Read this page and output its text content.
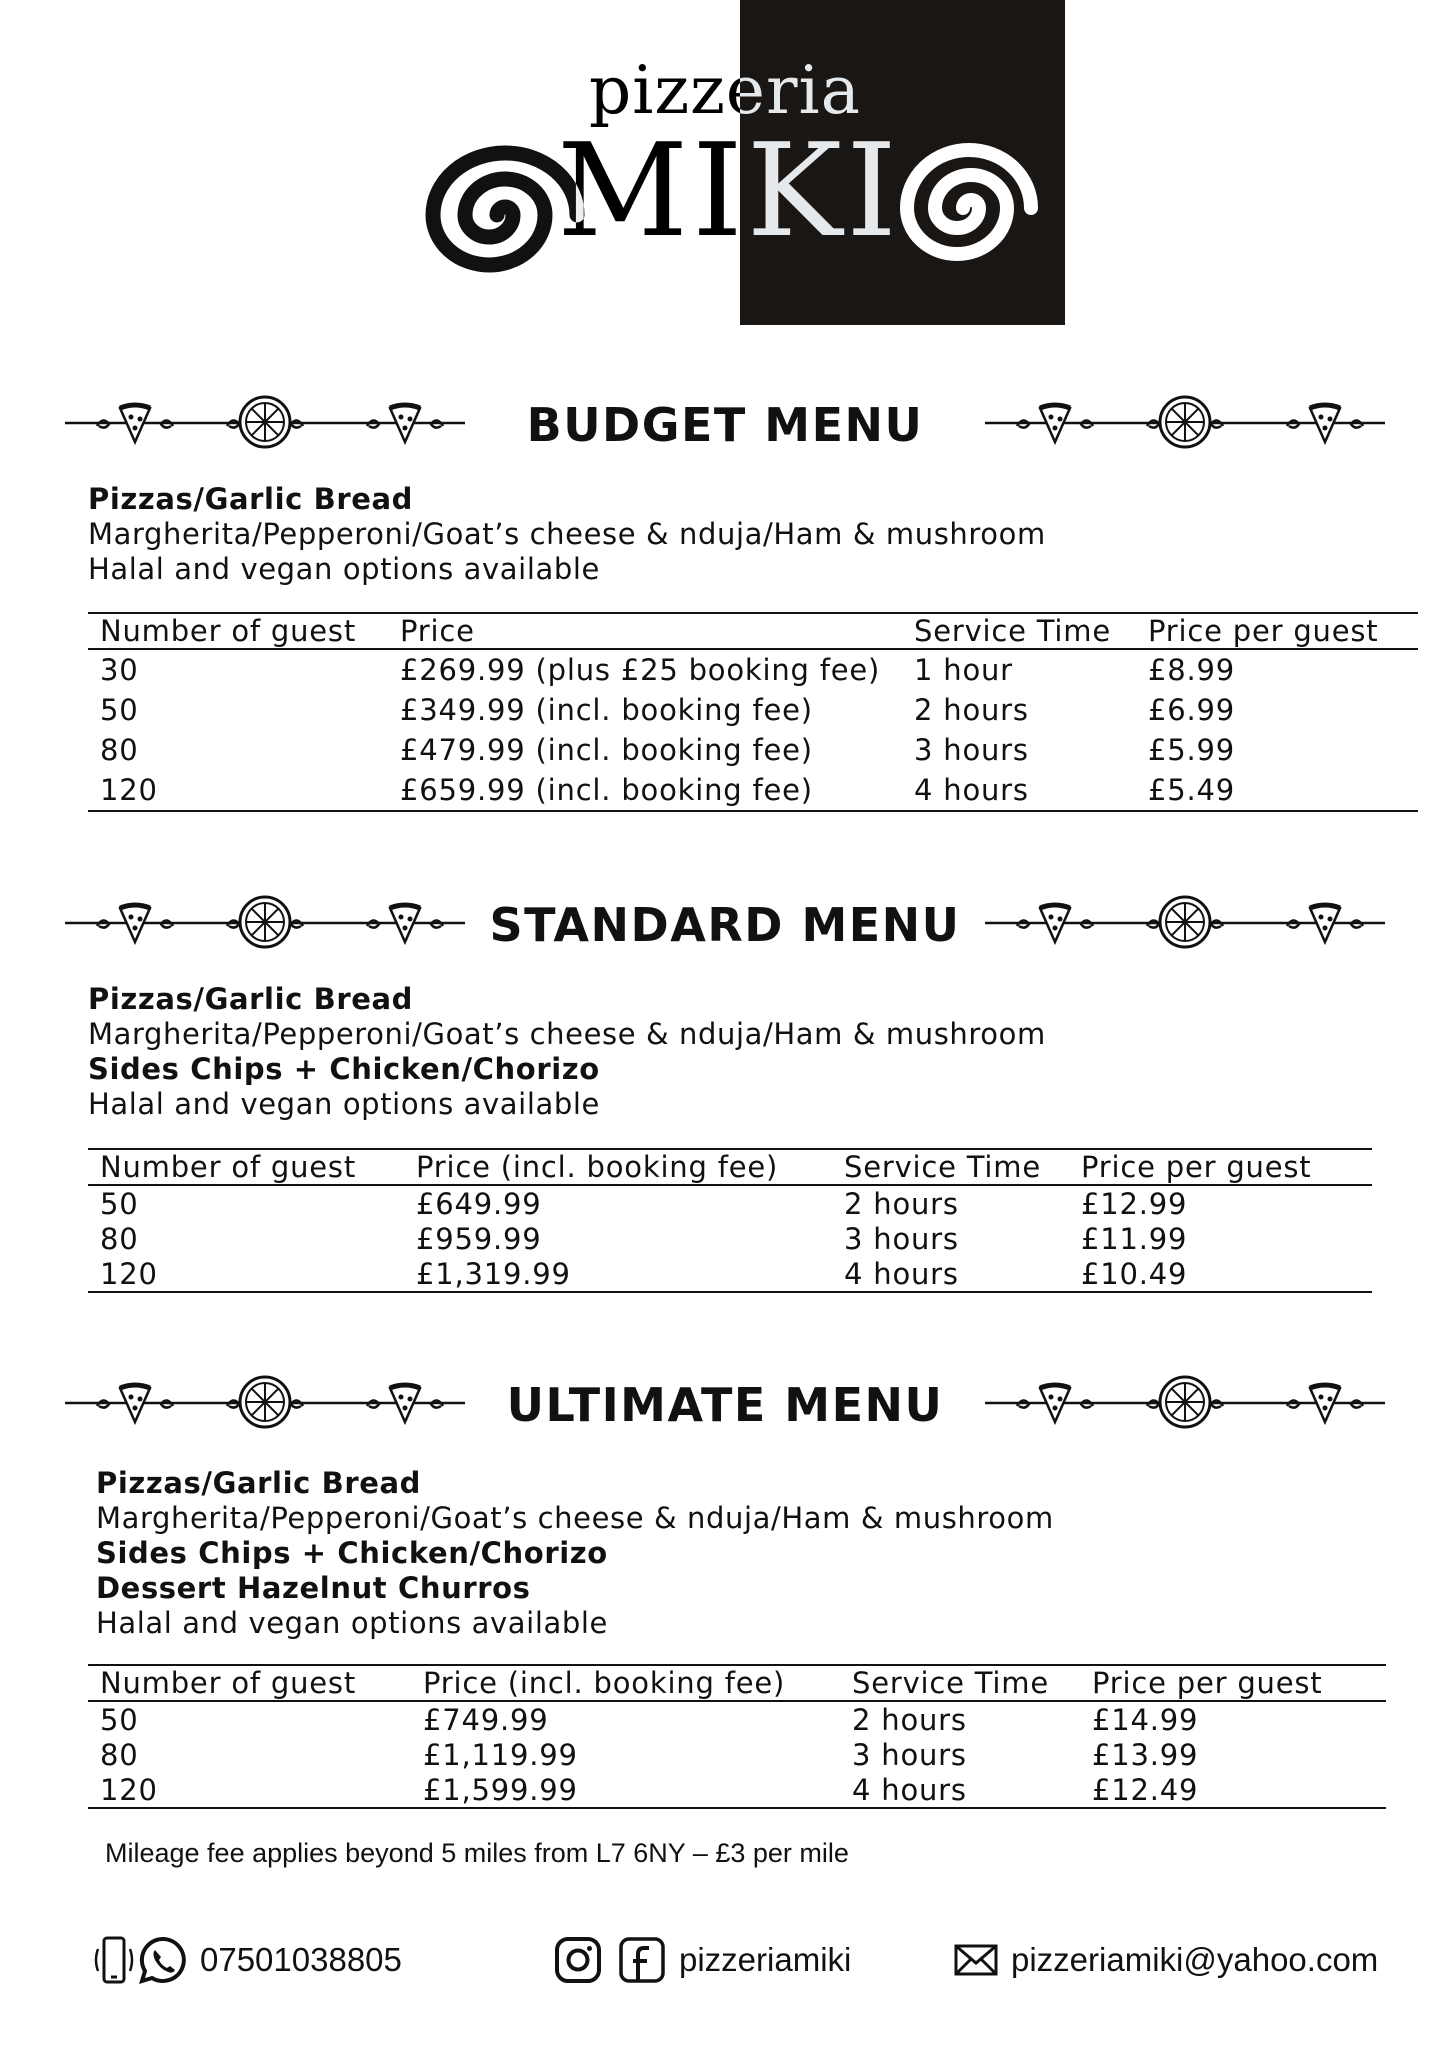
pizzeria
MIKI
BUDGET MENU
Pizzas/Garlic Bread
Margherita/Pepperoni/Goat’s cheese & nduja/Ham & mushroom
Halal and vegan options available
Number of guest	Price	Service Time	Price per guest
30	£269.99 (plus £25 booking fee)	1 hour	£8.99
50	£349.99 (incl. booking fee)	2 hours	£6.99
80	£479.99 (incl. booking fee)	3 hours	£5.99
120	£659.99 (incl. booking fee)	4 hours	£5.49
STANDARD MENU
Pizzas/Garlic Bread
Margherita/Pepperoni/Goat’s cheese & nduja/Ham & mushroom
Sides Chips + Chicken/Chorizo
Halal and vegan options available
Number of guest	Price (incl. booking fee)	Service Time	Price per guest
50	£649.99	2 hours	£12.99
80	£959.99	3 hours	£11.99
120	£1,319.99	4 hours	£10.49
ULTIMATE MENU
Pizzas/Garlic Bread
Margherita/Pepperoni/Goat’s cheese & nduja/Ham & mushroom
Sides Chips + Chicken/Chorizo
Dessert Hazelnut Churros
Halal and vegan options available
Number of guest	Price (incl. booking fee)	Service Time	Price per guest
50	£749.99	2 hours	£14.99
80	£1,119.99	3 hours	£13.99
120	£1,599.99	4 hours	£12.49
Mileage fee applies beyond 5 miles from L7 6NY – £3 per mile
07501038805	pizzeriamiki	pizzeriamiki@yahoo.com
